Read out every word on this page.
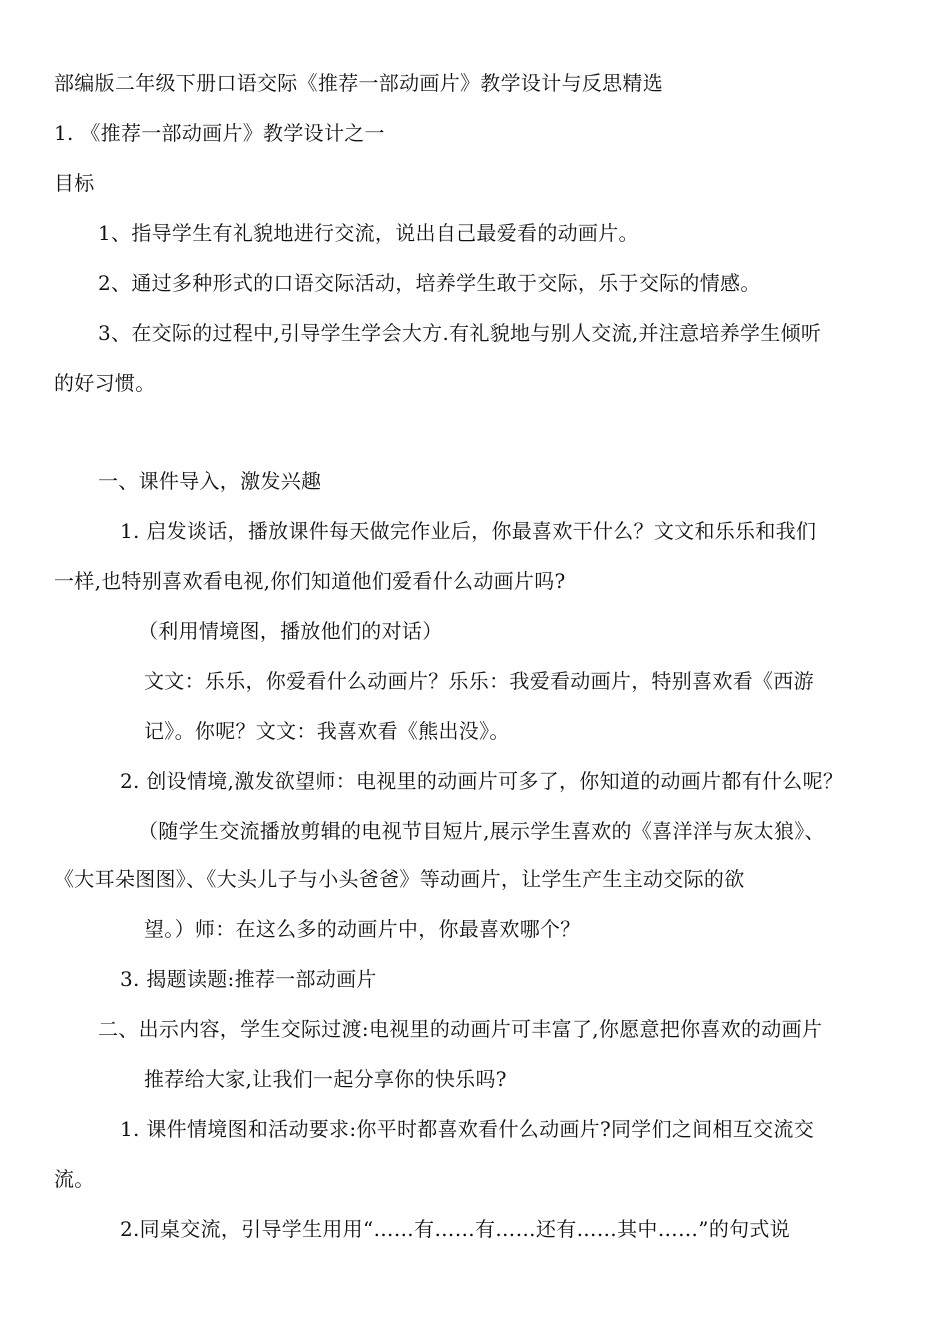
部编版二年级下册口语交际《推荐一部动画片》教学设计与反思精选
1. 《推荐一部动画片》教学设计之一
目标
1、指导学生有礼貌地进行交流，说出自己最爱看的动画片。
2、通过多种形式的口语交际活动，培养学生敢于交际，乐于交际的情感。
3、在交际的过程中,引导学生学会大方.有礼貌地与别人交流,并注意培养学生倾听
的好习惯。
一、课件导入，激发兴趣
1. 启发谈话，播放课件每天做完作业后，你最喜欢干什么？文文和乐乐和我们
一样,也特别喜欢看电视,你们知道他们爱看什么动画片吗?
（利用情境图，播放他们的对话）
文文：乐乐，你爱看什么动画片？乐乐：我爱看动画片，特别喜欢看《西游
记》。你呢？文文：我喜欢看《熊出没》。
2. 创设情境,激发欲望师：电视里的动画片可多了，你知道的动画片都有什么呢？
（随学生交流播放剪辑的电视节目短片,展示学生喜欢的《喜洋洋与灰太狼》、
《大耳朵图图》、《大头儿子与小头爸爸》等动画片，让学生产生主动交际的欲
望。）师：在这么多的动画片中，你最喜欢哪个？
3. 揭题读题:推荐一部动画片
二、出示内容，学生交际过渡:电视里的动画片可丰富了,你愿意把你喜欢的动画片
推荐给大家,让我们一起分享你的快乐吗?
1. 课件情境图和活动要求:你平时都喜欢看什么动画片?同学们之间相互交流交
流。
2.同桌交流，引导学生用用“……有……有……还有……其中……”的句式说
